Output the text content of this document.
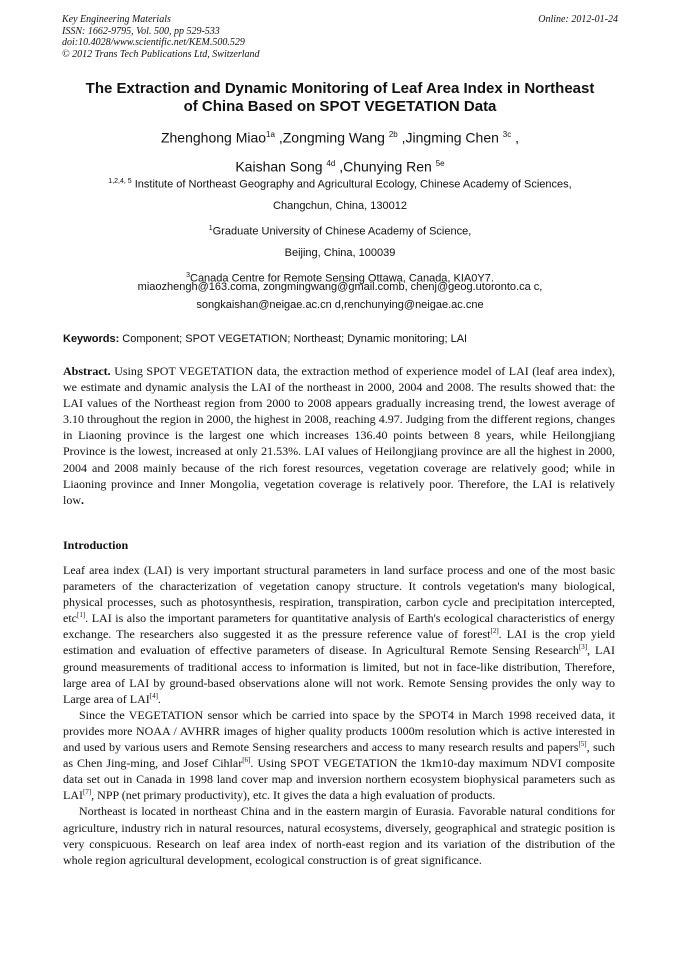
Key Engineering Materials
ISSN: 1662-9795, Vol. 500, pp 529-533
doi:10.4028/www.scientific.net/KEM.500.529
© 2012 Trans Tech Publications Ltd, Switzerland
Online: 2012-01-24
The Extraction and Dynamic Monitoring of Leaf Area Index in Northeast
of China Based on SPOT VEGETATION Data
Zhenghong Miao$^{1a}$ ,Zongming Wang $^{2b}$ ,Jingming Chen $^{3c}$ ,
Kaishan Song $^{4d}$ ,Chunying Ren $^{5e}$

$^{1,2,4, 5}$ Institute of Northeast Geography and Agricultural Ecology, Chinese Academy of Sciences,

Changchun, China, 130012

$^1$Graduate University of Chinese Academy of Science,

Beijing, China, 100039

$^3$Canada Centre for Remote Sensing Ottawa, Canada, KIA0Y7.

miaozhengh@163.coma, zongmingwang@gmail.comb, chenj@geog.utoronto.ca c,

songkaishan@neigae.ac.cn d,renchunying@neigae.ac.cne

Keywords: Component; SPOT VEGETATION; Northeast; Dynamic monitoring; LAI

Abstract. Using SPOT VEGETATION data, the extraction method of experience model of LAI (leaf area index), we estimate and dynamic analysis the LAI of the northeast in 2000, 2004 and 2008. The results showed that: the LAI values of the Northeast region from 2000 to 2008 appears gradually increasing trend, the lowest average of 3.10 throughout the region in 2000, the highest in 2008, reaching 4.97. Judging from the different regions, changes in Liaoning province is the largest one which increases 136.40 points between 8 years, while Heilongjiang Province is the lowest, increased at only 21.53%. LAI values of Heilongjiang province are all the highest in 2000, 2004 and 2008 mainly because of the rich forest resources, vegetation coverage are relatively good; while in Liaoning province and Inner Mongolia, vegetation coverage is relatively poor. Therefore, the LAI is relatively low.

Introduction

Leaf area index (LAI) is very important structural parameters in land surface process and one of the most basic parameters of the characterization of vegetation canopy structure. It controls vegetation's many biological, physical processes, such as photosynthesis, respiration, transpiration, carbon cycle and precipitation intercepted, etc[1]. LAI is also the important parameters for quantitative analysis of Earth's ecological characteristics of energy exchange. The researchers also suggested it as the pressure reference value of forest[2]. LAI is the crop yield estimation and evaluation of effective parameters of disease. In Agricultural Remote Sensing Research[3], LAI ground measurements of traditional access to information is limited, but not in face-like distribution, Therefore, large area of LAI by ground-based observations alone will not work. Remote Sensing provides the only way to Large area of LAI[4].

Since the VEGETATION sensor which be carried into space by the SPOT4 in March 1998 received data, it provides more NOAA / AVHRR images of higher quality products 1000m resolution which is active interested in and used by various users and Remote Sensing researchers and access to many research results and papers[5], such as Chen Jing-ming, and Josef Cihlar[6]. Using SPOT VEGETATION the 1km10-day maximum NDVI composite data set out in Canada in 1998 land cover map and inversion northern ecosystem biophysical parameters such as LAI[7], NPP (net primary productivity), etc. It gives the data a high evaluation of products.

Northeast is located in northeast China and in the eastern margin of Eurasia. Favorable natural conditions for agriculture, industry rich in natural resources, natural ecosystems, diversely, geographical and strategic position is very conspicuous. Research on leaf area index of north-east region and its variation of the distribution of the whole region agricultural development, ecological construction is of great significance.
